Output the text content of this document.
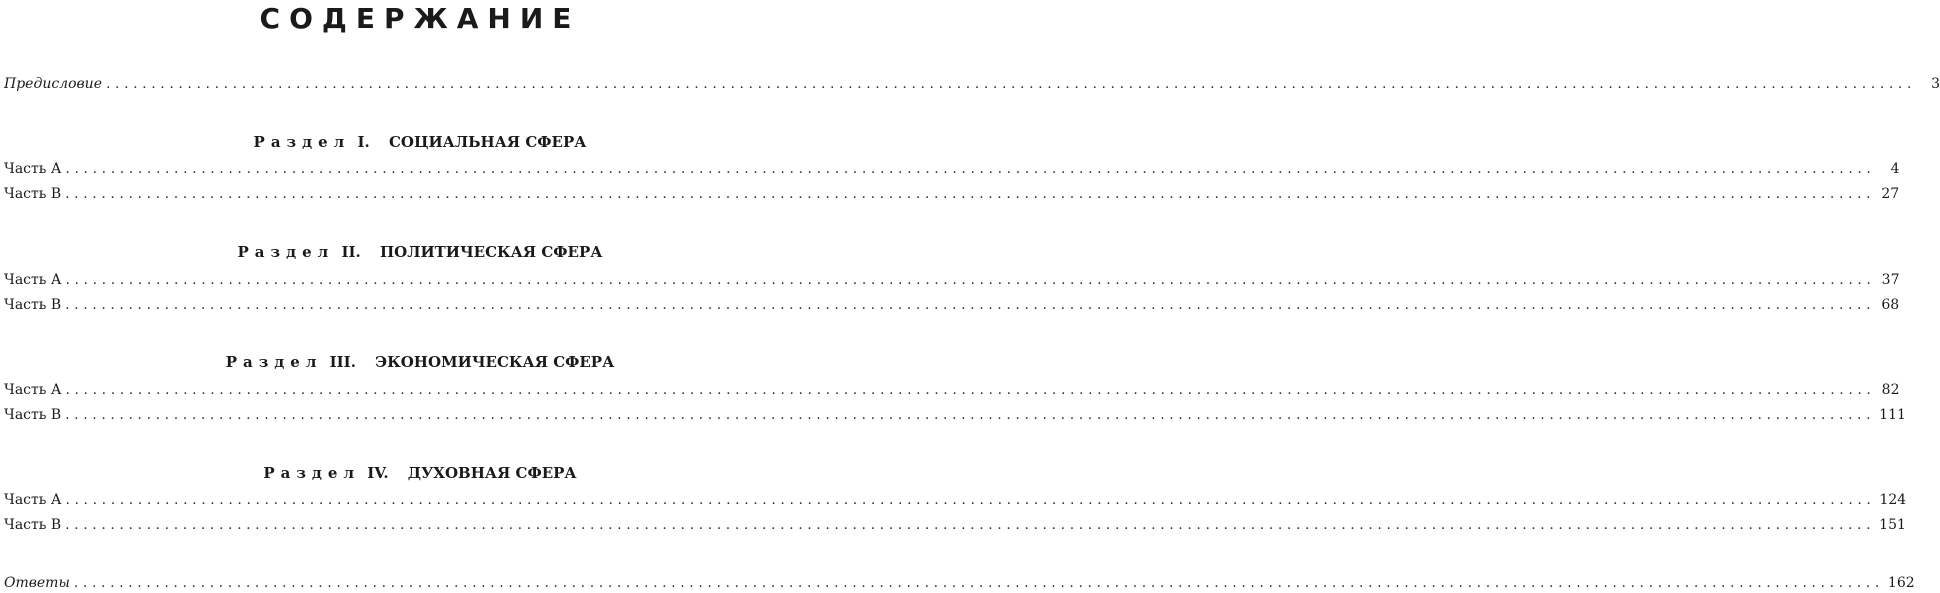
СОДЕРЖАНИЕ
Предисловие ........................................................................................................................................................................................................	3
Раздел I. СОЦИАЛЬНАЯ СФЕРА
Часть А ........................................................................................................................................................................................................	4
Часть В ........................................................................................................................................................................................................ 27
Раздел II. ПОЛИТИЧЕСКАЯ СФЕРА
Часть А ........................................................................................................................................................................................................ 37
Часть В ........................................................................................................................................................................................................ 68
Раздел III. ЭКОНОМИЧЕСКАЯ СФЕРА
Часть А ........................................................................................................................................................................................................ 82
Часть В ........................................................................................................................................................................................................ 111
Раздел IV. ДУХОВНАЯ СФЕРА
Часть А ........................................................................................................................................................................................................ 124
Часть В ........................................................................................................................................................................................................ 151
Ответы ........................................................................................................................................................................................................ 162
